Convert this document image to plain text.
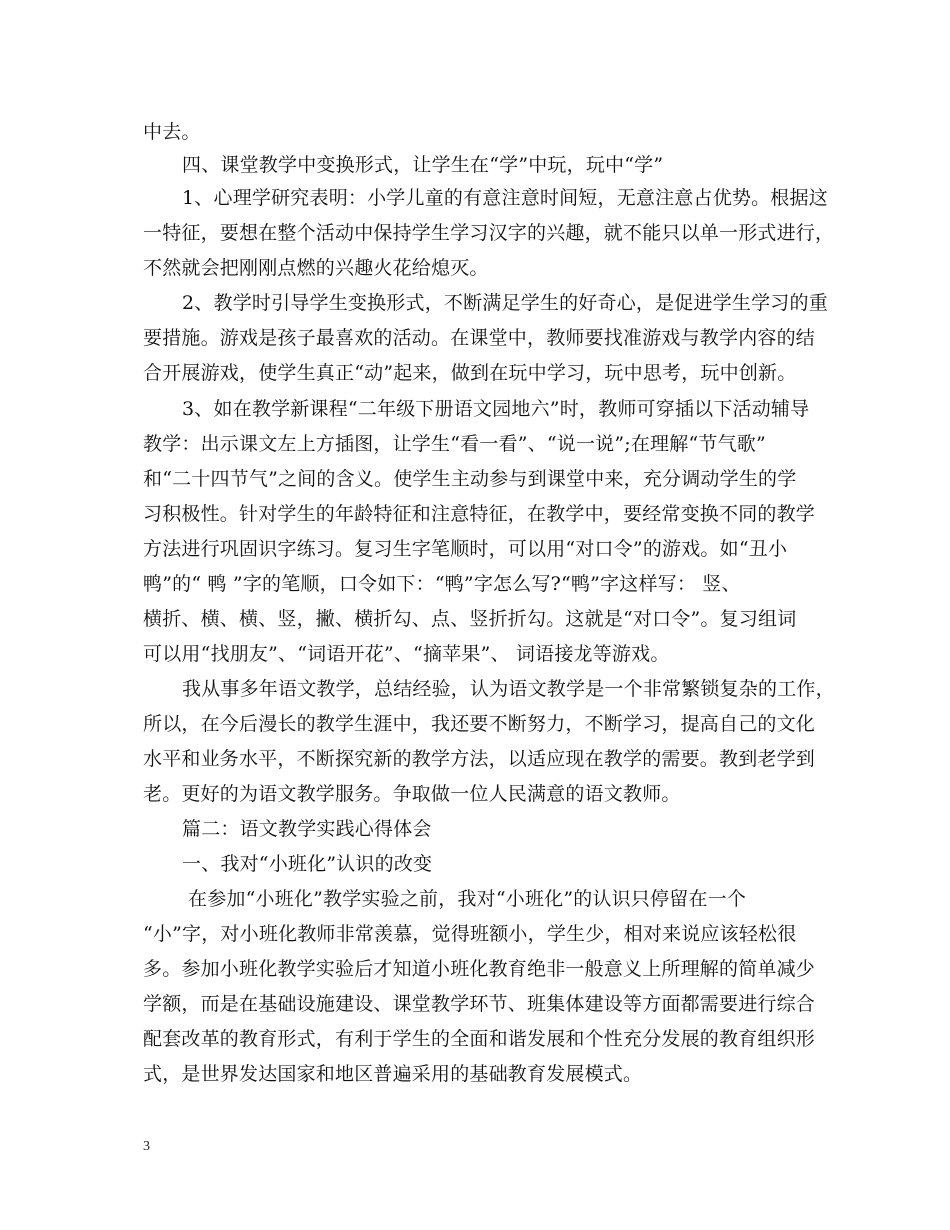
中去。
四、课堂教学中变换形式，让学生在“学”中玩，玩中“学”
1、心理学研究表明：小学儿童的有意注意时间短，无意注意占优势。根据这
一特征，要想在整个活动中保持学生学习汉字的兴趣，就不能只以单一形式进行，
不然就会把刚刚点燃的兴趣火花给熄灭。
2、教学时引导学生变换形式，不断满足学生的好奇心，是促进学生学习的重
要措施。游戏是孩子最喜欢的活动。在课堂中，教师要找准游戏与教学内容的结
合开展游戏，使学生真正“动”起来，做到在玩中学习，玩中思考，玩中创新。
3、如在教学新课程“二年级下册语文园地六”时，教师可穿插以下活动辅导
教学：出示课文左上方插图，让学生“看一看”、“说一说”;在理解“节气歌”
和“二十四节气”之间的含义。使学生主动参与到课堂中来，充分调动学生的学
习积极性。针对学生的年龄特征和注意特征，在教学中，要经常变换不同的教学
方法进行巩固识字练习。复习生字笔顺时，可以用“对口令”的游戏。如“丑小
鸭”的“ 鸭 ”字的笔顺，口令如下：“鸭”字怎么写?“鸭”字这样写： 竖、
横折、横、横、竖，撇、横折勾、点、竖折折勾。这就是“对口令”。复习组词
可以用“找朋友”、“词语开花”、“摘苹果”、 词语接龙等游戏。
我从事多年语文教学，总结经验，认为语文教学是一个非常繁锁复杂的工作，
所以，在今后漫长的教学生涯中，我还要不断努力，不断学习，提高自己的文化
水平和业务水平，不断探究新的教学方法，以适应现在教学的需要。教到老学到
老。更好的为语文教学服务。争取做一位人民满意的语文教师。
篇二：语文教学实践心得体会
一、我对“小班化”认识的改变
在参加“小班化”教学实验之前，我对“小班化”的认识只停留在一个
“小”字，对小班化教师非常羡慕，觉得班额小，学生少，相对来说应该轻松很
多。参加小班化教学实验后才知道小班化教育绝非一般意义上所理解的简单减少
学额，而是在基础设施建设、课堂教学环节、班集体建设等方面都需要进行综合
配套改革的教育形式，有利于学生的全面和谐发展和个性充分发展的教育组织形
式，是世界发达国家和地区普遍采用的基础教育发展模式。
3
